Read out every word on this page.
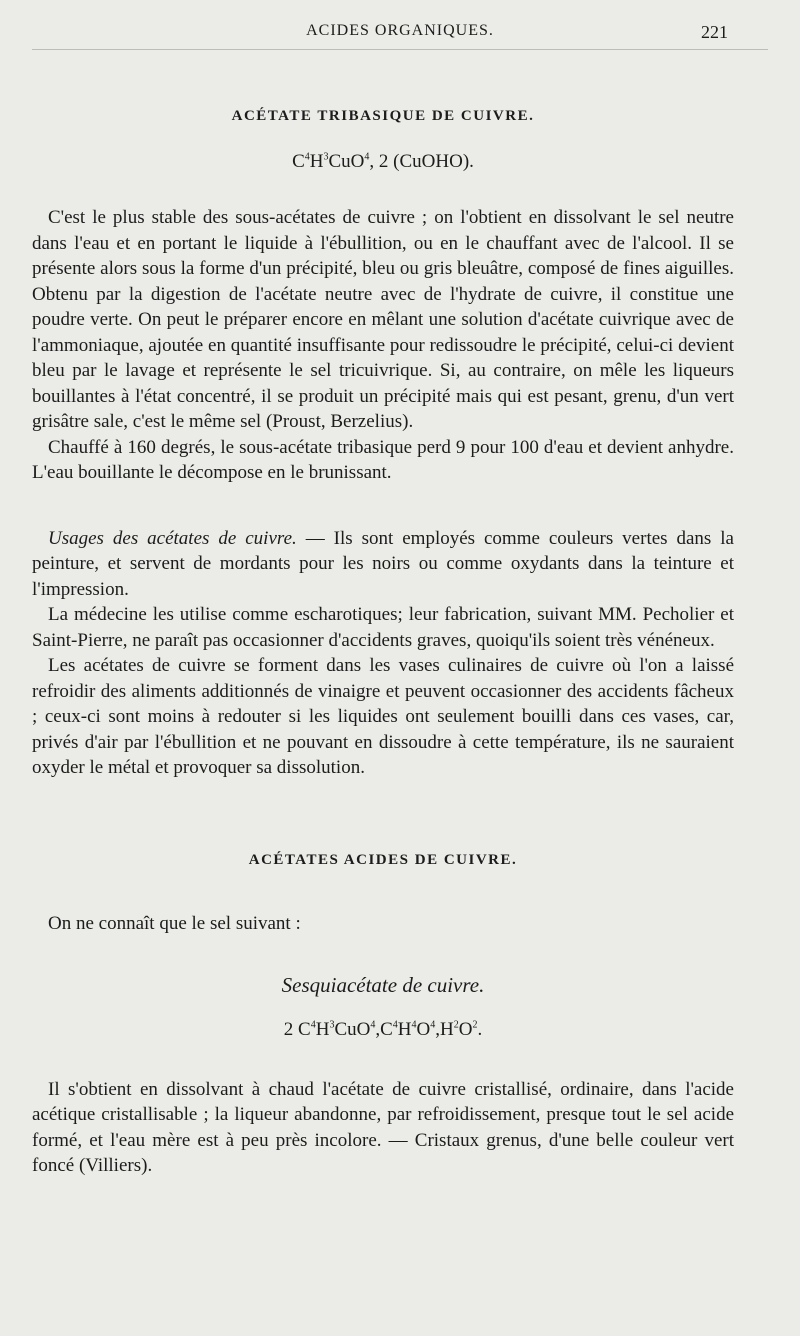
ACIDES ORGANIQUES.	221
ACÉTATE TRIBASIQUE DE CUIVRE.

$C^4H^3CuO^4$, 2 (CuOHO).

C'est le plus stable des sous-acétates de cuivre ; on l'obtient en dissolvant le sel neutre dans l'eau et en portant le liquide à l'ébullition, ou en le chauffant avec de l'alcool. Il se présente alors sous la forme d'un précipité, bleu ou gris bleuâtre, composé de fines aiguilles. Obtenu par la digestion de l'acétate neutre avec de l'hydrate de cuivre, il constitue une poudre verte. On peut le préparer encore en mêlant une solution d'acétate cuivrique avec de l'ammoniaque, ajoutée en quantité insuffisante pour redissoudre le précipité, celui-ci devient bleu par le lavage et représente le sel tricuivrique. Si, au contraire, on mêle les liqueurs bouillantes à l'état concentré, il se produit un précipité mais qui est pesant, grenu, d'un vert grisâtre sale, c'est le même sel (Proust, Berzelius).

Chauffé à 160 degrés, le sous-acétate tribasique perd 9 pour 100 d'eau et devient anhydre. L'eau bouillante le décompose en le brunissant.

Usages des acétates de cuivre. — Ils sont employés comme couleurs vertes dans la peinture, et servent de mordants pour les noirs ou comme oxydants dans la teinture et l'impression.

La médecine les utilise comme escharotiques; leur fabrication, suivant MM. Pecholier et Saint-Pierre, ne paraît pas occasionner d'accidents graves, quoiqu'ils soient très vénéneux.

Les acétates de cuivre se forment dans les vases culinaires de cuivre où l'on a laissé refroidir des aliments additionnés de vinaigre et peuvent occasionner des accidents fâcheux ; ceux-ci sont moins à redouter si les liquides ont seulement bouilli dans ces vases, car, privés d'air par l'ébullition et ne pouvant en dissoudre à cette température, ils ne sauraient oxyder le métal et provoquer sa dissolution.

ACÉTATES ACIDES DE CUIVRE.

On ne connaît que le sel suivant :

Sesquiacétate de cuivre.

2 $C^4H^3CuO^4,C^4H^4O^4,H^2O^2$.

Il s'obtient en dissolvant à chaud l'acétate de cuivre cristallisé, ordinaire, dans l'acide acétique cristallisable ; la liqueur abandonne, par refroidissement, presque tout le sel acide formé, et l'eau mère est à peu près incolore. — Cristaux grenus, d'une belle couleur vert foncé (Villiers).
